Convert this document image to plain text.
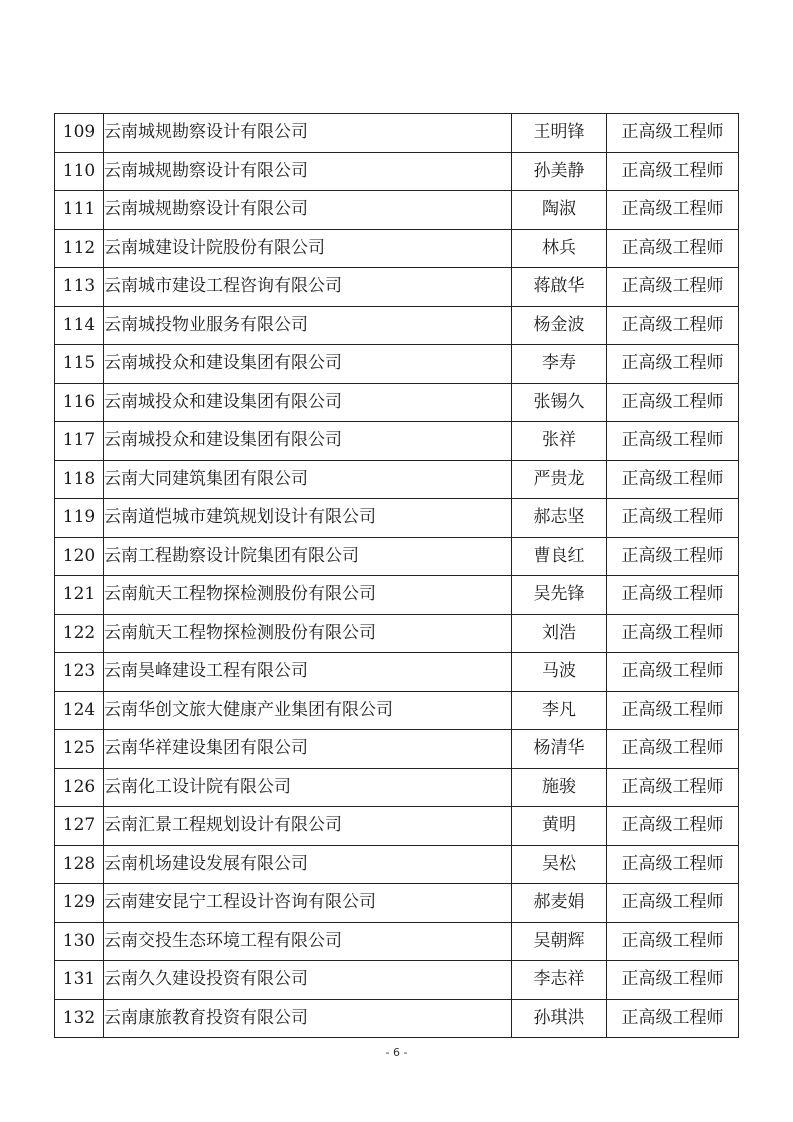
109	云南城规勘察设计有限公司	王明锋	正高级工程师
110	云南城规勘察设计有限公司	孙美静	正高级工程师
111	云南城规勘察设计有限公司	陶淑	正高级工程师
112	云南城建设计院股份有限公司	林兵	正高级工程师
113	云南城市建设工程咨询有限公司	蒋啟华	正高级工程师
114	云南城投物业服务有限公司	杨金波	正高级工程师
115	云南城投众和建设集团有限公司	李寿	正高级工程师
116	云南城投众和建设集团有限公司	张锡久	正高级工程师
117	云南城投众和建设集团有限公司	张祥	正高级工程师
118	云南大同建筑集团有限公司	严贵龙	正高级工程师
119	云南道恺城市建筑规划设计有限公司	郝志坚	正高级工程师
120	云南工程勘察设计院集团有限公司	曹良红	正高级工程师
121	云南航天工程物探检测股份有限公司	吴先锋	正高级工程师
122	云南航天工程物探检测股份有限公司	刘浩	正高级工程师
123	云南昊峰建设工程有限公司	马波	正高级工程师
124	云南华创文旅大健康产业集团有限公司	李凡	正高级工程师
125	云南华祥建设集团有限公司	杨清华	正高级工程师
126	云南化工设计院有限公司	施骏	正高级工程师
127	云南汇景工程规划设计有限公司	黄明	正高级工程师
128	云南机场建设发展有限公司	吴松	正高级工程师
129	云南建安昆宁工程设计咨询有限公司	郝麦娟	正高级工程师
130	云南交投生态环境工程有限公司	吴朝辉	正高级工程师
131	云南久久建设投资有限公司	李志祥	正高级工程师
132	云南康旅教育投资有限公司	孙琪洪	正高级工程师
- 6 -
